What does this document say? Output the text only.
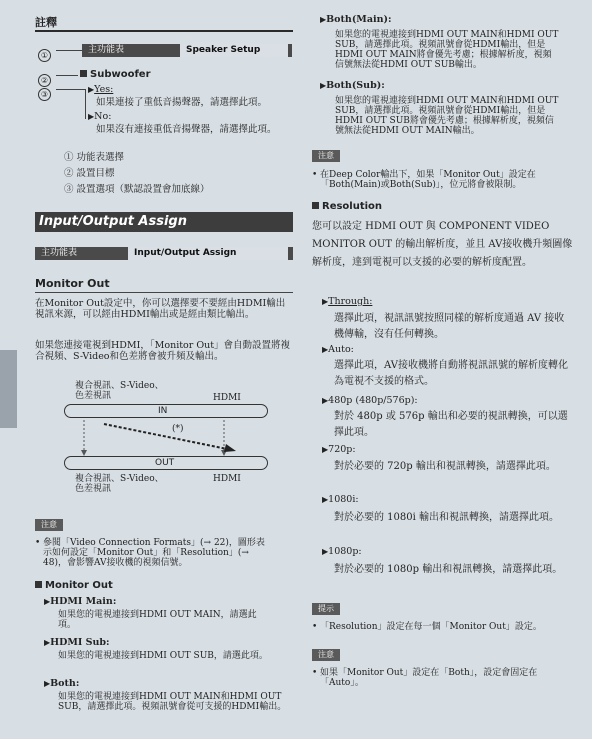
註釋
①
主功能表	Speaker Setup
②
Subwoofer
③
▶Yes:
如果連接了重低音揚聲器，請選擇此項。
▶No:
如果沒有連接重低音揚聲器，請選擇此項。
① 功能表選擇
② 設置目標
③ 設置選項（默認設置會加底線）
Input/Output Assign
主功能表	Input/Output Assign
Monitor Out
在Monitor Out設定中，你可以選擇要不要經由HDMI輸出視訊來源，可以經由HDMI輸出或是經由類比輸出。
如果您連接電視到HDMI，「Monitor Out」會自動設置將複合視頻、S-Video和色差將會被升頻及輸出。
複合視訊、S-Video、
色差視訊	HDMI
IN
(*)
OUT
複合視訊、S-Video、
色差視訊
HDMI
注意
• 參閱「Video Connection Formats」(→ 22)，圖形表示如何設定「Monitor Out」和「Resolution」(→ 48)，會影響AV接收機的視頻信號。
Monitor Out
▶HDMI Main:
如果您的電視連接到HDMI OUT MAIN，請選此項。
▶HDMI Sub:
如果您的電視連接到HDMI OUT SUB，請選此項。
▶Both:
如果您的電視連接到HDMI OUT MAIN和HDMI OUT SUB，請選擇此項。視頻訊號會從可支援的HDMI輸出。
▶Both(Main):
如果您的電視連接到HDMI OUT MAIN和HDMI OUT SUB，請選擇此項。視頻訊號會從HDMI輸出，但是HDMI OUT MAIN將會優先考慮；根據解析度，視頻信號無法從HDMI OUT SUB輸出。
▶Both(Sub):
如果您的電視連接到HDMI OUT MAIN和HDMI OUT SUB，請選擇此項。視頻訊號會從HDMI輸出，但是HDMI OUT SUB將會優先考慮；根據解析度，視頻信號無法從HDMI OUT MAIN輸出。
注意
• 在Deep Color輸出下，如果「Monitor Out」設定在「Both(Main)或Both(Sub)」，位元將會被限制。
Resolution
您可以設定 HDMI OUT 與 COMPONENT VIDEO MONITOR OUT 的輸出解析度，並且 AV接收機升頻圖像解析度，達到電視可以支援的必要的解析度配置。
▶Through:
選擇此項，視訊訊號按照同樣的解析度通過 AV 接收機傳輸，沒有任何轉換。
▶Auto:
選擇此項，AV接收機將自動將視訊訊號的解析度轉化為電視不支援的格式。
▶480p (480p/576p):
對於 480p 或 576p 輸出和必要的視訊轉換，可以選擇此項。
▶720p:
對於必要的 720p 輸出和視訊轉換，請選擇此項。
▶1080i:
對於必要的 1080i 輸出和視訊轉換，請選擇此項。
▶1080p:
對於必要的 1080p 輸出和視訊轉換，請選擇此項。
提示
• 「Resolution」設定在每一個「Monitor Out」設定。
注意
• 如果「Monitor Out」設定在「Both」，設定會固定在「Auto」。
